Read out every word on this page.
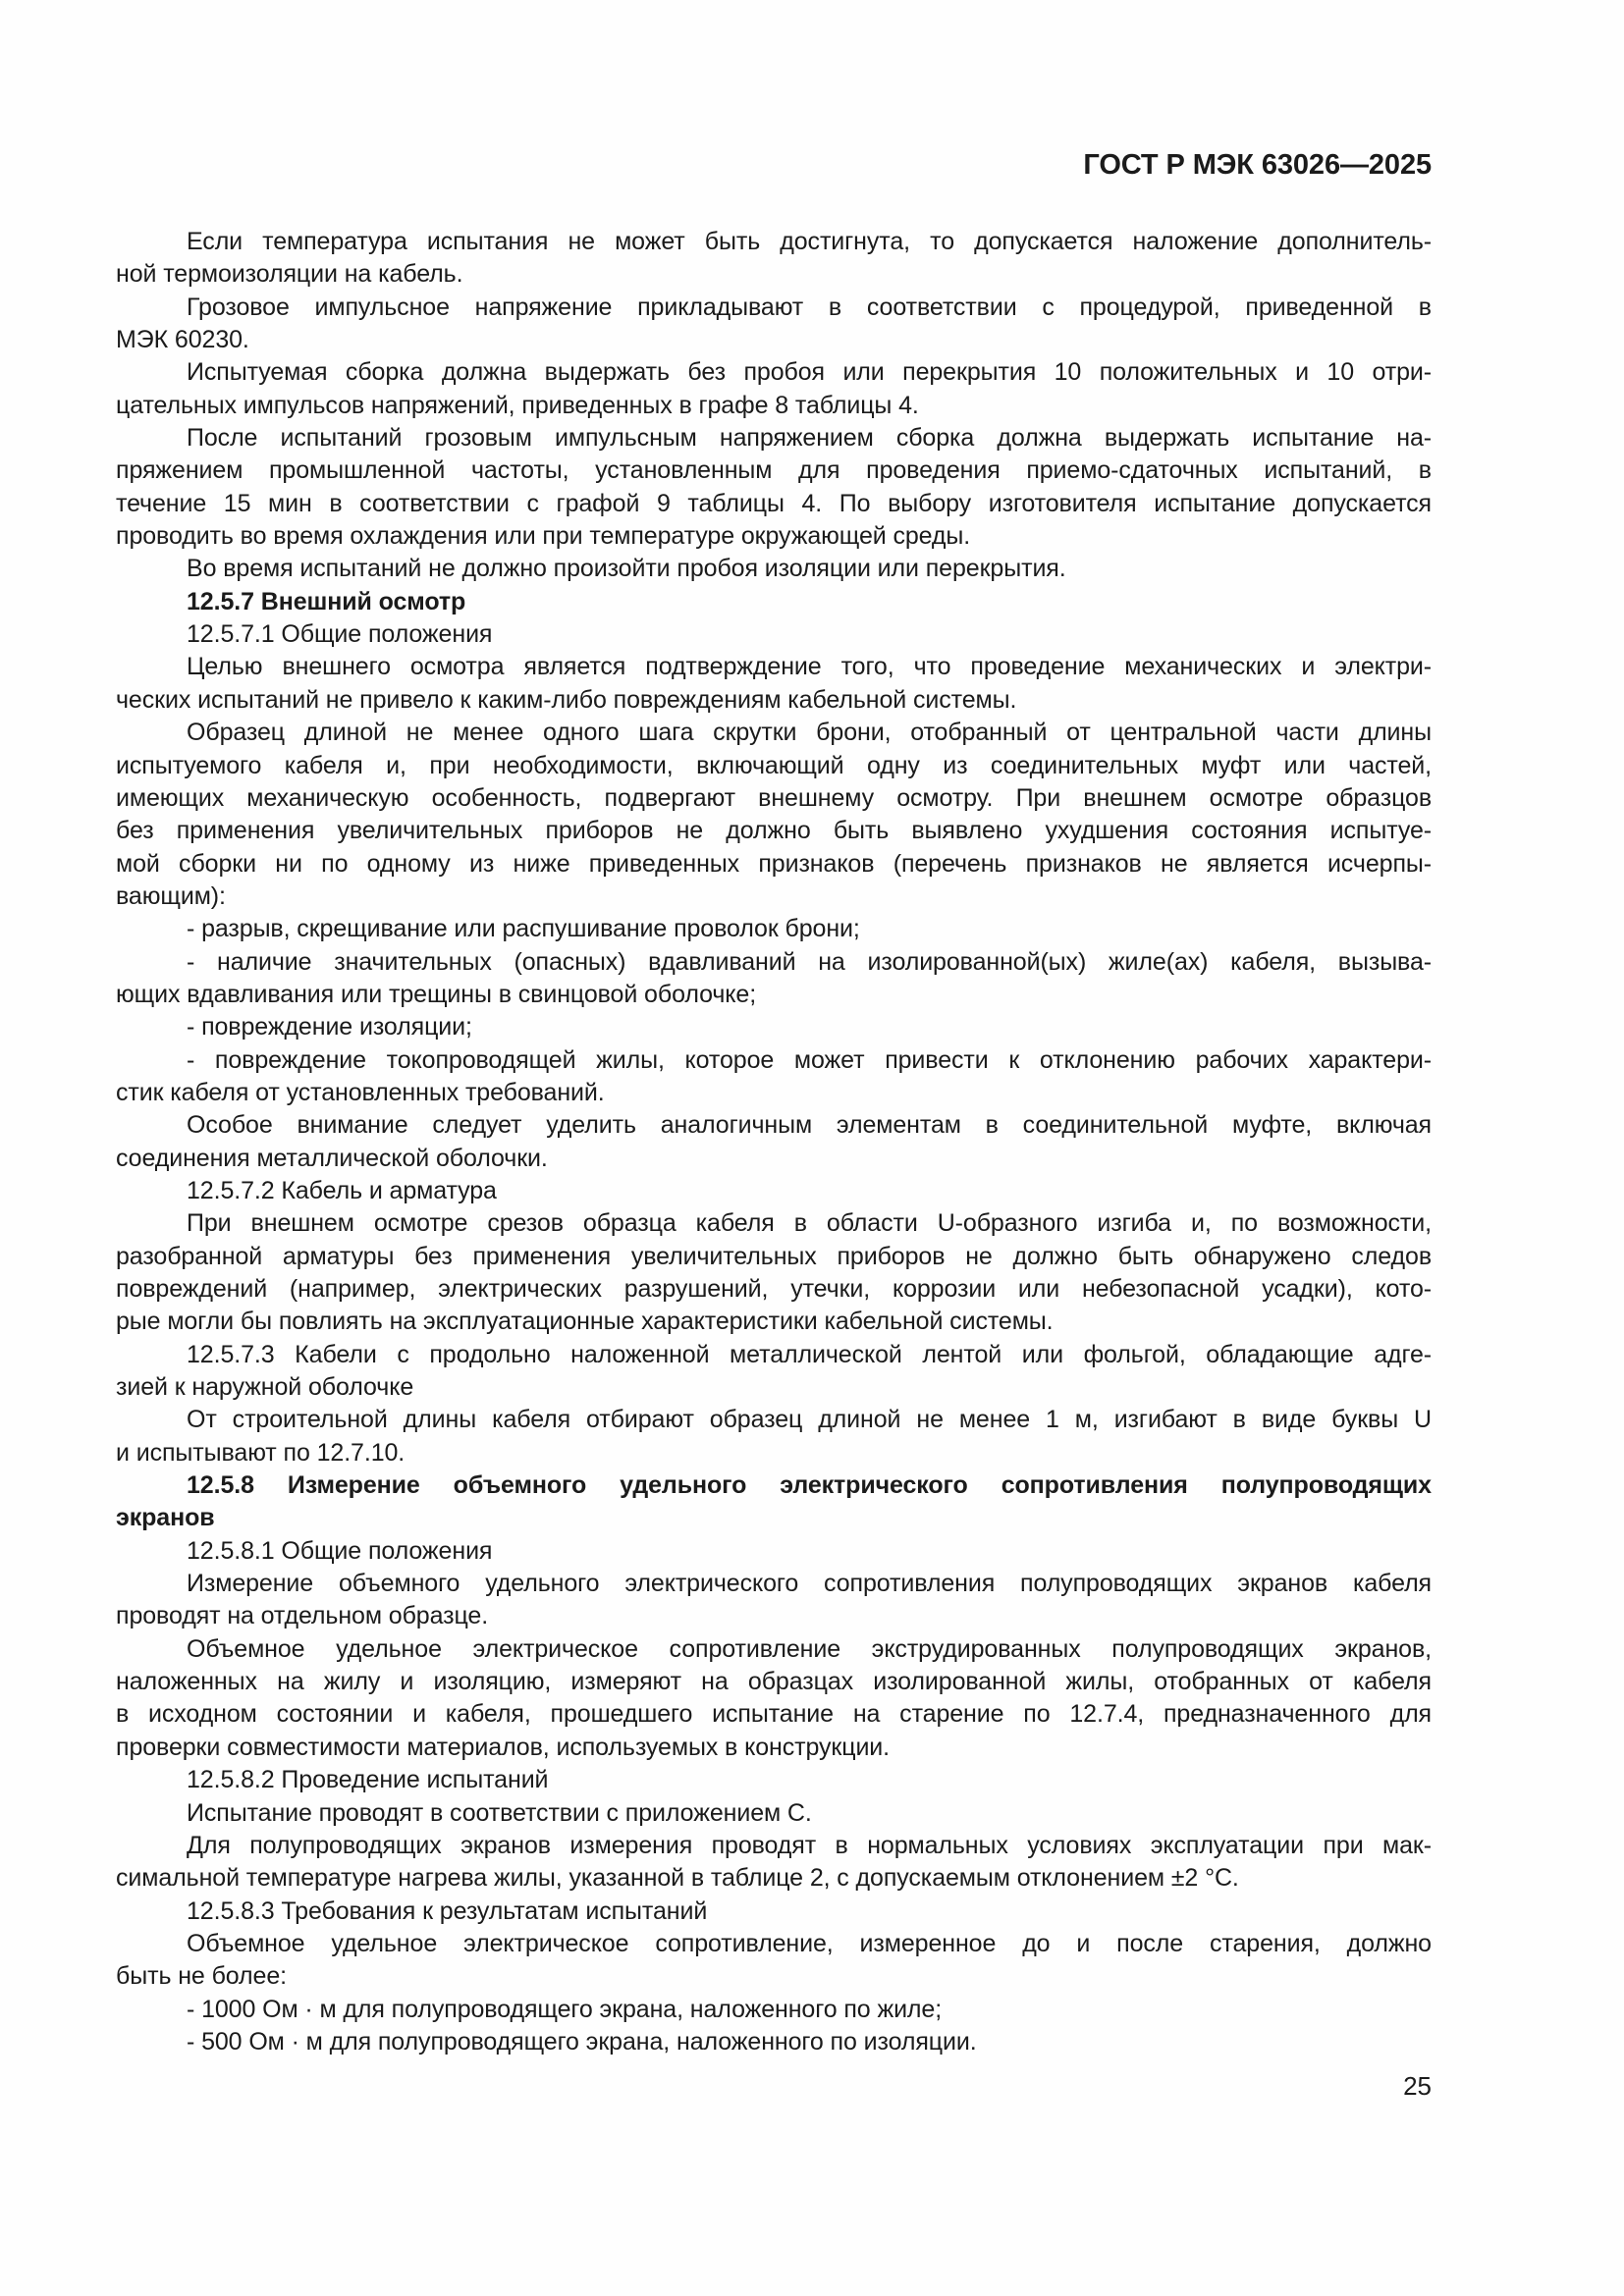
ГОСТ Р МЭК 63026—2025
Если температура испытания не может быть достигнута, то допускается наложение дополнитель-
ной термоизоляции на кабель.
Грозовое импульсное напряжение прикладывают в соответствии с процедурой, приведенной в
МЭК 60230.
Испытуемая сборка должна выдержать без пробоя или перекрытия 10 положительных и 10 отри-
цательных импульсов напряжений, приведенных в графе 8 таблицы 4.
После испытаний грозовым импульсным напряжением сборка должна выдержать испытание на-
пряжением промышленной частоты, установленным для проведения приемо-сдаточных испытаний, в
течение 15 мин в соответствии с графой 9 таблицы 4. По выбору изготовителя испытание допускается
проводить во время охлаждения или при температуре окружающей среды.
Во время испытаний не должно произойти пробоя изоляции или перекрытия.
12.5.7 Внешний осмотр
12.5.7.1 Общие положения
Целью внешнего осмотра является подтверждение того, что проведение механических и электри-
ческих испытаний не привело к каким-либо повреждениям кабельной системы.
Образец длиной не менее одного шага скрутки брони, отобранный от центральной части длины
испытуемого кабеля и, при необходимости, включающий одну из соединительных муфт или частей,
имеющих механическую особенность, подвергают внешнему осмотру. При внешнем осмотре образцов
без применения увеличительных приборов не должно быть выявлено ухудшения состояния испытуе-
мой сборки ни по одному из ниже приведенных признаков (перечень признаков не является исчерпы-
вающим):
- разрыв, скрещивание или распушивание проволок брони;
- наличие значительных (опасных) вдавливаний на изолированной(ых) жиле(ах) кабеля, вызыва-
ющих вдавливания или трещины в свинцовой оболочке;
- повреждение изоляции;
- повреждение токопроводящей жилы, которое может привести к отклонению рабочих характери-
стик кабеля от установленных требований.
Особое внимание следует уделить аналогичным элементам в соединительной муфте, включая
соединения металлической оболочки.
12.5.7.2 Кабель и арматура
При внешнем осмотре срезов образца кабеля в области U-образного изгиба и, по возможности,
разобранной арматуры без применения увеличительных приборов не должно быть обнаружено следов
повреждений (например, электрических разрушений, утечки, коррозии или небезопасной усадки), кото-
рые могли бы повлиять на эксплуатационные характеристики кабельной системы.
12.5.7.3 Кабели с продольно наложенной металлической лентой или фольгой, обладающие адге-
зией к наружной оболочке
От строительной длины кабеля отбирают образец длиной не менее 1 м, изгибают в виде буквы U
и испытывают по 12.7.10.
12.5.8 Измерение объемного удельного электрического сопротивления полупроводящих
экранов
12.5.8.1 Общие положения
Измерение объемного удельного электрического сопротивления полупроводящих экранов кабеля
проводят на отдельном образце.
Объемное удельное электрическое сопротивление экструдированных полупроводящих экранов,
наложенных на жилу и изоляцию, измеряют на образцах изолированной жилы, отобранных от кабеля
в исходном состоянии и кабеля, прошедшего испытание на старение по 12.7.4, предназначенного для
проверки совместимости материалов, используемых в конструкции.
12.5.8.2 Проведение испытаний
Испытание проводят в соответствии с приложением С.
Для полупроводящих экранов измерения проводят в нормальных условиях эксплуатации при мак-
симальной температуре нагрева жилы, указанной в таблице 2, с допускаемым отклонением ±2 °С.
12.5.8.3 Требования к результатам испытаний
Объемное удельное электрическое сопротивление, измеренное до и после старения, должно
быть не более:
- 1000 Ом · м для полупроводящего экрана, наложенного по жиле;
- 500 Ом · м для полупроводящего экрана, наложенного по изоляции.
25
